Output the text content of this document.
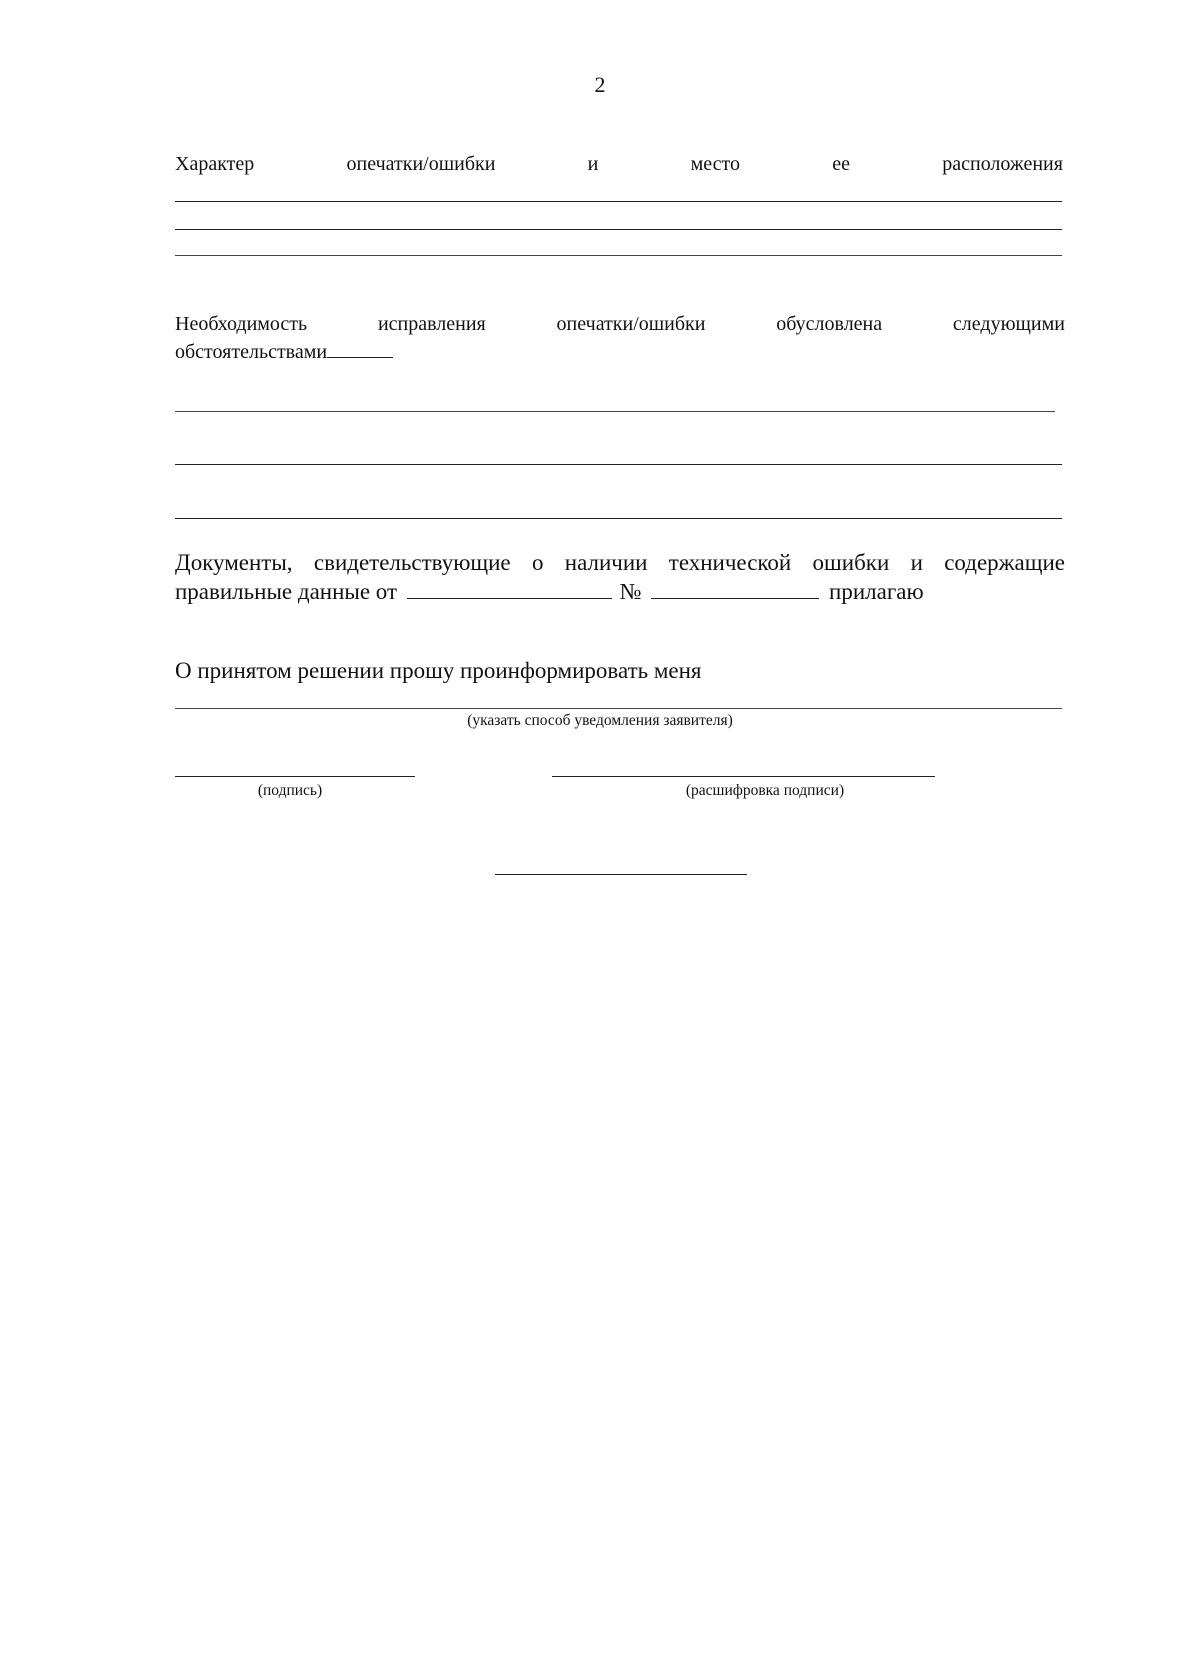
2
Характер	опечатки/ошибки	и	место	ее	расположения
Необходимость	исправления	опечатки/ошибки	обусловлена	следующими
обстоятельствами
Документы, свидетельствующие о наличии технической ошибки и содержащие
правильные данные от	№	прилагаю
О принятом решении прошу проинформировать меня
(указать способ уведомления заявителя)
(подпись)	(расшифровка подписи)
